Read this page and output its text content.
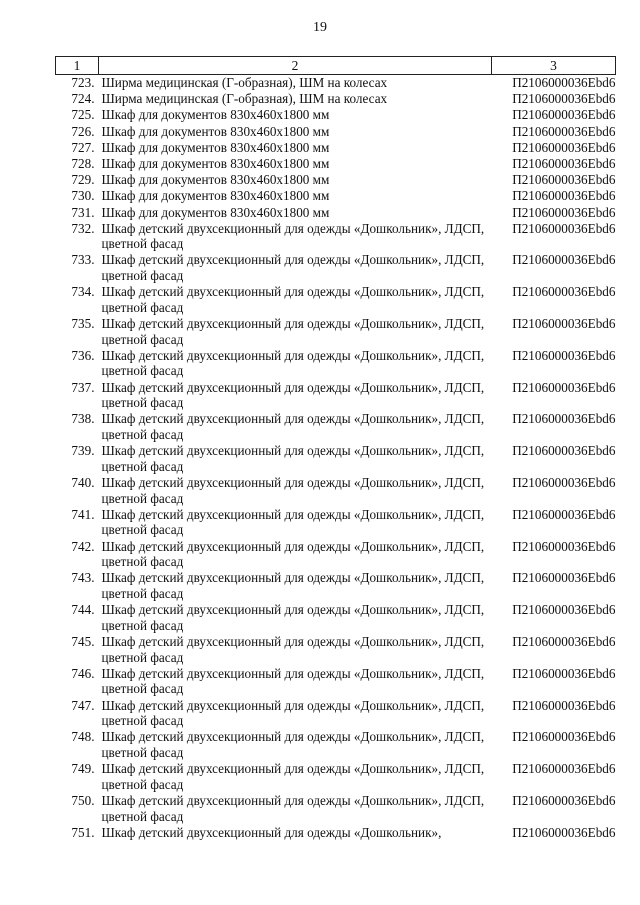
19
1	2	3
723.	Ширма медицинская (Г-образная), ШМ на колесах	П2106000036Ebd6
724.	Ширма медицинская (Г-образная), ШМ на колесах	П2106000036Ebd6
725.	Шкаф для документов 830x460x1800 мм	П2106000036Ebd6
726.	Шкаф для документов 830x460x1800 мм	П2106000036Ebd6
727.	Шкаф для документов 830x460x1800 мм	П2106000036Ebd6
728.	Шкаф для документов 830x460x1800 мм	П2106000036Ebd6
729.	Шкаф для документов 830x460x1800 мм	П2106000036Ebd6
730.	Шкаф для документов 830x460x1800 мм	П2106000036Ebd6
731.	Шкаф для документов 830x460x1800 мм	П2106000036Ebd6
732.	Шкаф детский двухсекционный для одежды «Дошкольник», ЛДСП, цветной фасад	П2106000036Ebd6
733.	Шкаф детский двухсекционный для одежды «Дошкольник», ЛДСП, цветной фасад	П2106000036Ebd6
734.	Шкаф детский двухсекционный для одежды «Дошкольник», ЛДСП, цветной фасад	П2106000036Ebd6
735.	Шкаф детский двухсекционный для одежды «Дошкольник», ЛДСП, цветной фасад	П2106000036Ebd6
736.	Шкаф детский двухсекционный для одежды «Дошкольник», ЛДСП, цветной фасад	П2106000036Ebd6
737.	Шкаф детский двухсекционный для одежды «Дошкольник», ЛДСП, цветной фасад	П2106000036Ebd6
738.	Шкаф детский двухсекционный для одежды «Дошкольник», ЛДСП, цветной фасад	П2106000036Ebd6
739.	Шкаф детский двухсекционный для одежды «Дошкольник», ЛДСП, цветной фасад	П2106000036Ebd6
740.	Шкаф детский двухсекционный для одежды «Дошкольник», ЛДСП, цветной фасад	П2106000036Ebd6
741.	Шкаф детский двухсекционный для одежды «Дошкольник», ЛДСП, цветной фасад	П2106000036Ebd6
742.	Шкаф детский двухсекционный для одежды «Дошкольник», ЛДСП, цветной фасад	П2106000036Ebd6
743.	Шкаф детский двухсекционный для одежды «Дошкольник», ЛДСП, цветной фасад	П2106000036Ebd6
744.	Шкаф детский двухсекционный для одежды «Дошкольник», ЛДСП, цветной фасад	П2106000036Ebd6
745.	Шкаф детский двухсекционный для одежды «Дошкольник», ЛДСП, цветной фасад	П2106000036Ebd6
746.	Шкаф детский двухсекционный для одежды «Дошкольник», ЛДСП, цветной фасад	П2106000036Ebd6
747.	Шкаф детский двухсекционный для одежды «Дошкольник», ЛДСП, цветной фасад	П2106000036Ebd6
748.	Шкаф детский двухсекционный для одежды «Дошкольник», ЛДСП, цветной фасад	П2106000036Ebd6
749.	Шкаф детский двухсекционный для одежды «Дошкольник», ЛДСП, цветной фасад	П2106000036Ebd6
750.	Шкаф детский двухсекционный для одежды «Дошкольник», ЛДСП, цветной фасад	П2106000036Ebd6
751.	Шкаф детский двухсекционный для одежды «Дошкольник»,	П2106000036Ebd6
